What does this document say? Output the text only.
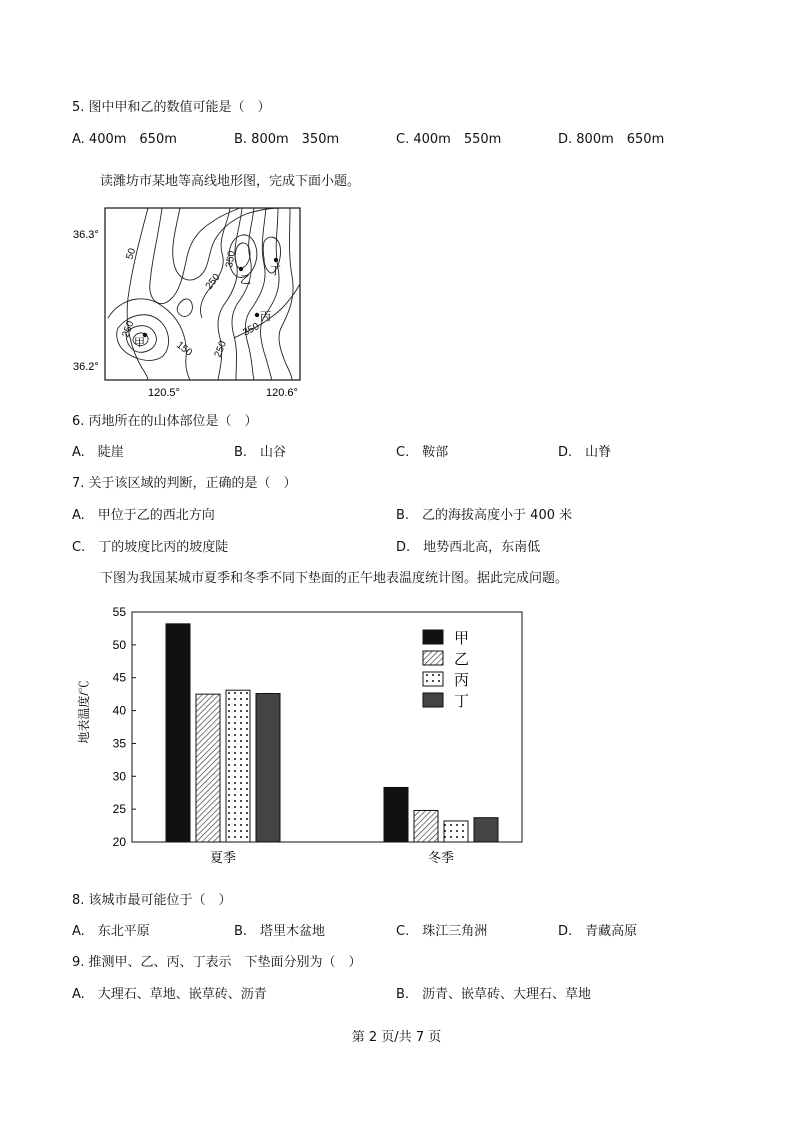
5. 图中甲和乙的数值可能是（　）
A. 400m　650m	B. 800m　350m	C. 400m　550m	D. 800m　650m
读潍坊市某地等高线地形图，完成下面小题。
36.3°
36.2°
120.5°	120.6°
50	350
250
250
150 250
350
甲
乙
丙
丁
6. 丙地所在的山体部位是（　）
A.　陡崖	B.　山谷	C.　鞍部	D.　山脊
7. 关于该区域的判断，正确的是（　）
A.　甲位于乙的西北方向	B.　乙的海拔高度小于 400 米
C.　丁的坡度比丙的坡度陡	D.　地势西北高，东南低
下图为我国某城市夏季和冬季不同下垫面的正午地表温度统计图。据此完成问题。
55
50
45
40
35
30
25
20
夏季	冬季
地表温度/℃
甲
乙
丙
丁
8. 该城市最可能位于（　）
A.　东北平原	B.　塔里木盆地	C.　珠江三角洲	D.　青藏高原
9. 推测甲、乙、丙、丁表示　下垫面分别为（　）
A.　大理石、草地、嵌草砖、沥青	B.　沥青、嵌草砖、大理石、草地
第 2 页/共 7 页
